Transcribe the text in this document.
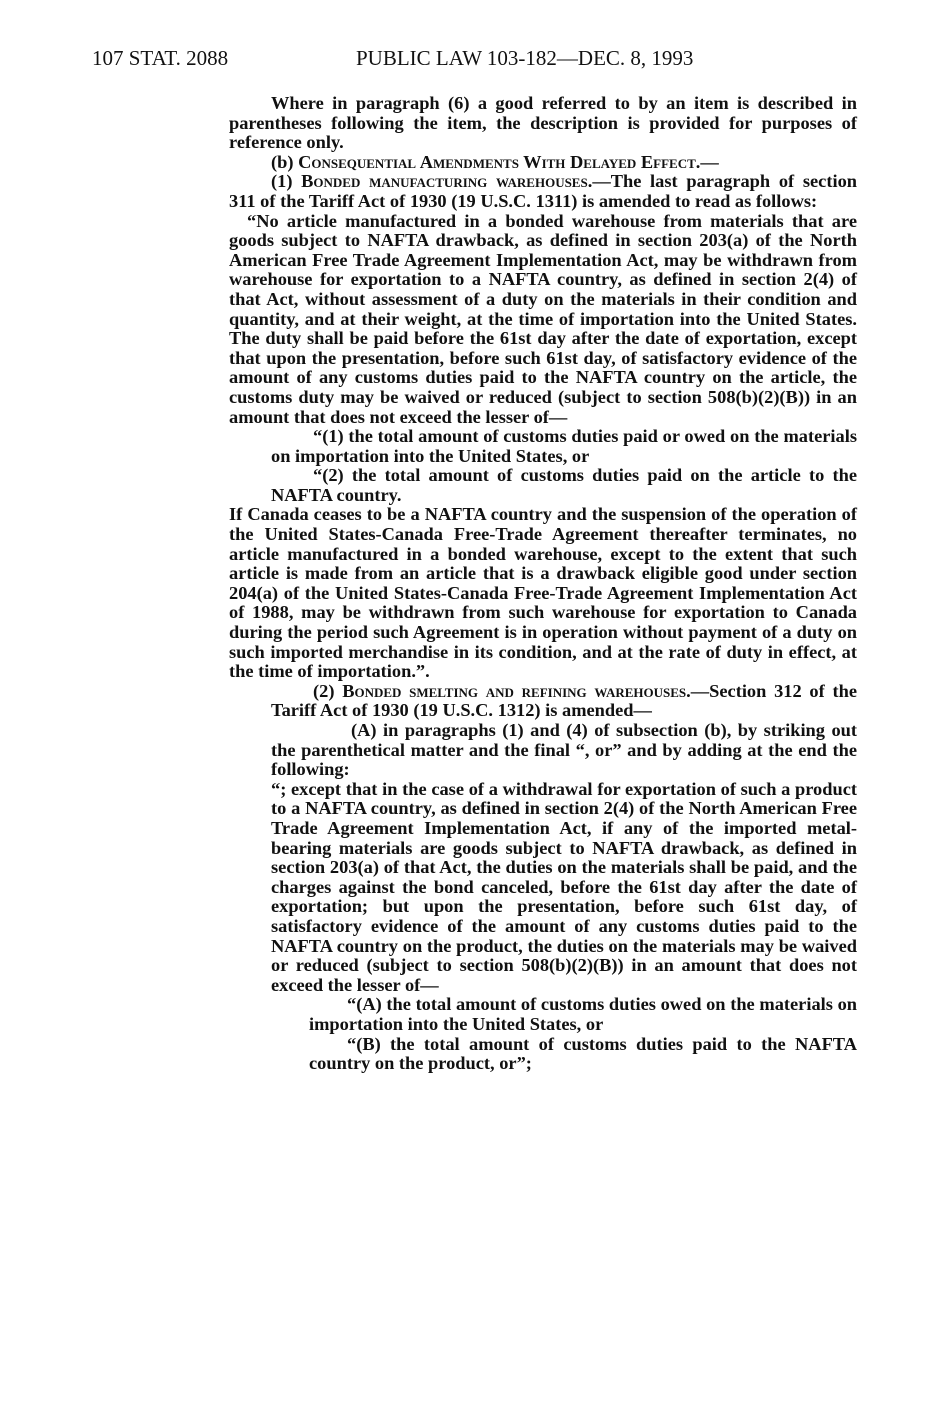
107 STAT. 2088	PUBLIC LAW 103-182—DEC. 8, 1993

Where in paragraph (6) a good referred to by an item is described in parentheses following the item, the description is provided for purposes of reference only.

(b) Consequential Amendments With Delayed Effect.—

(1) Bonded manufacturing warehouses.—The last paragraph of section 311 of the Tariff Act of 1930 (19 U.S.C. 1311) is amended to read as follows:

“No article manufactured in a bonded warehouse from materials that are goods subject to NAFTA drawback, as defined in section 203(a) of the North American Free Trade Agreement Implementation Act, may be withdrawn from warehouse for exportation to a NAFTA country, as defined in section 2(4) of that Act, without assessment of a duty on the materials in their condition and quantity, and at their weight, at the time of importation into the United States. The duty shall be paid before the 61st day after the date of exportation, except that upon the presentation, before such 61st day, of satisfactory evidence of the amount of any customs duties paid to the NAFTA country on the article, the customs duty may be waived or reduced (subject to section 508(b)(2)(B)) in an amount that does not exceed the lesser of—

“(1) the total amount of customs duties paid or owed on the materials on importation into the United States, or

“(2) the total amount of customs duties paid on the article to the NAFTA country.

If Canada ceases to be a NAFTA country and the suspension of the operation of the United States-Canada Free-Trade Agreement thereafter terminates, no article manufactured in a bonded warehouse, except to the extent that such article is made from an article that is a drawback eligible good under section 204(a) of the United States-Canada Free-Trade Agreement Implementation Act of 1988, may be withdrawn from such warehouse for exportation to Canada during the period such Agreement is in operation without payment of a duty on such imported merchandise in its condition, and at the rate of duty in effect, at the time of importation.”.

(2) Bonded smelting and refining warehouses.—Section 312 of the Tariff Act of 1930 (19 U.S.C. 1312) is amended—

(A) in paragraphs (1) and (4) of subsection (b), by striking out the parenthetical matter and the final “, or” and by adding at the end the following:

“; except that in the case of a withdrawal for exportation of such a product to a NAFTA country, as defined in section 2(4) of the North American Free Trade Agreement Implementation Act, if any of the imported metal-bearing materials are goods subject to NAFTA drawback, as defined in section 203(a) of that Act, the duties on the materials shall be paid, and the charges against the bond canceled, before the 61st day after the date of exportation; but upon the presentation, before such 61st day, of satisfactory evidence of the amount of any customs duties paid to the NAFTA country on the product, the duties on the materials may be waived or reduced (subject to section 508(b)(2)(B)) in an amount that does not exceed the lesser of—

“(A) the total amount of customs duties owed on the materials on importation into the United States, or

“(B) the total amount of customs duties paid to the NAFTA country on the product, or”;
